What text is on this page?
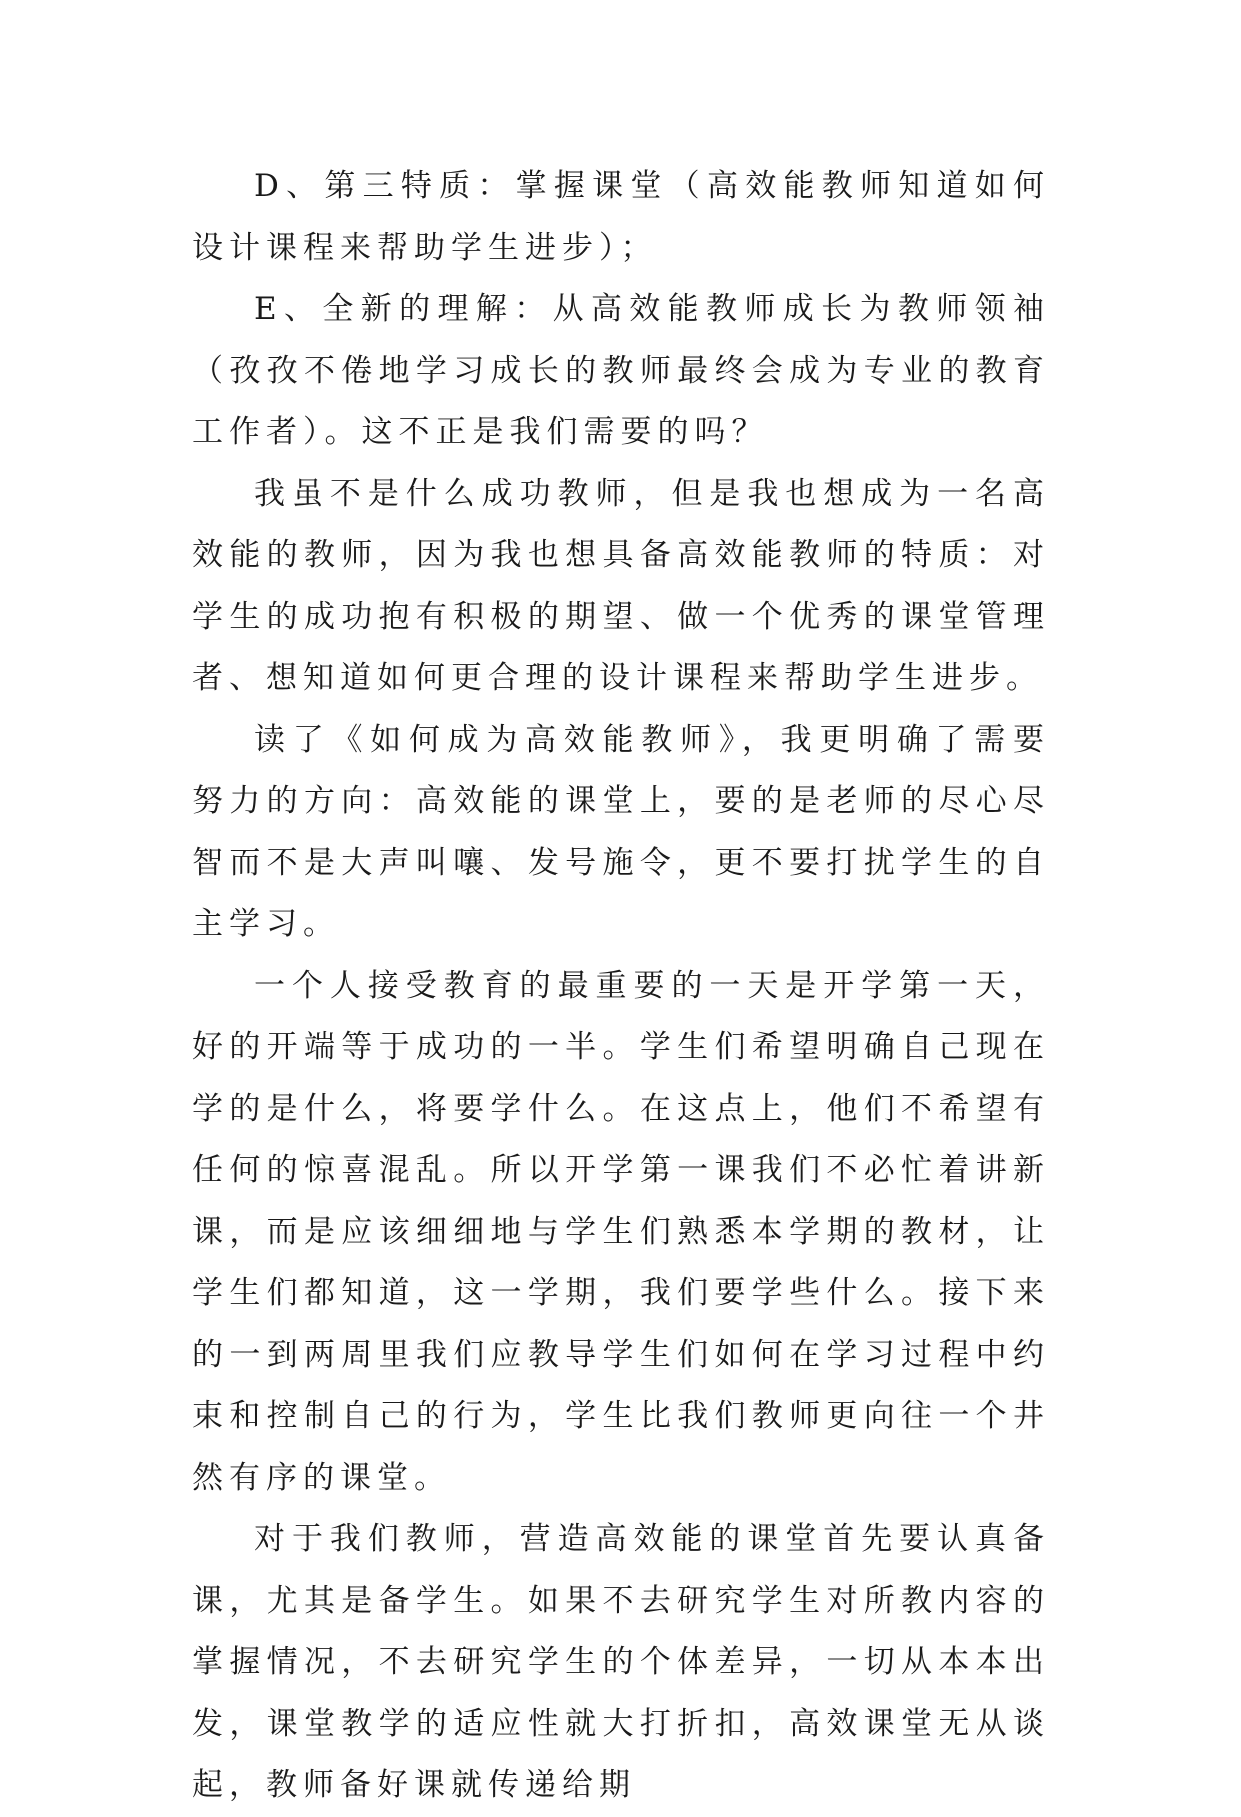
D、第三特质：掌握课堂（高效能教师知道如何设计课程来帮助学生进步）；

E、全新的理解：从高效能教师成长为教师领袖（孜孜不倦地学习成长的教师最终会成为专业的教育工作者）。这不正是我们需要的吗？

我虽不是什么成功教师，但是我也想成为一名高效能的教师，因为我也想具备高效能教师的特质：对学生的成功抱有积极的期望、做一个优秀的课堂管理者、想知道如何更合理的设计课程来帮助学生进步。

读了《如何成为高效能教师》，我更明确了需要努力的方向：高效能的课堂上，要的是老师的尽心尽智而不是大声叫嚷、发号施令，更不要打扰学生的自主学习。

一个人接受教育的最重要的一天是开学第一天，好的开端等于成功的一半。学生们希望明确自己现在学的是什么，将要学什么。在这点上，他们不希望有任何的惊喜混乱。所以开学第一课我们不必忙着讲新课，而是应该细细地与学生们熟悉本学期的教材，让学生们都知道，这一学期，我们要学些什么。接下来的一到两周里我们应教导学生们如何在学习过程中约束和控制自己的行为，学生比我们教师更向往一个井然有序的课堂。

对于我们教师，营造高效能的课堂首先要认真备课，尤其是备学生。如果不去研究学生对所教内容的掌握情况，不去研究学生的个体差异，一切从本本出发，课堂教学的适应性就大打折扣，高效课堂无从谈起，教师备好课就传递给期
